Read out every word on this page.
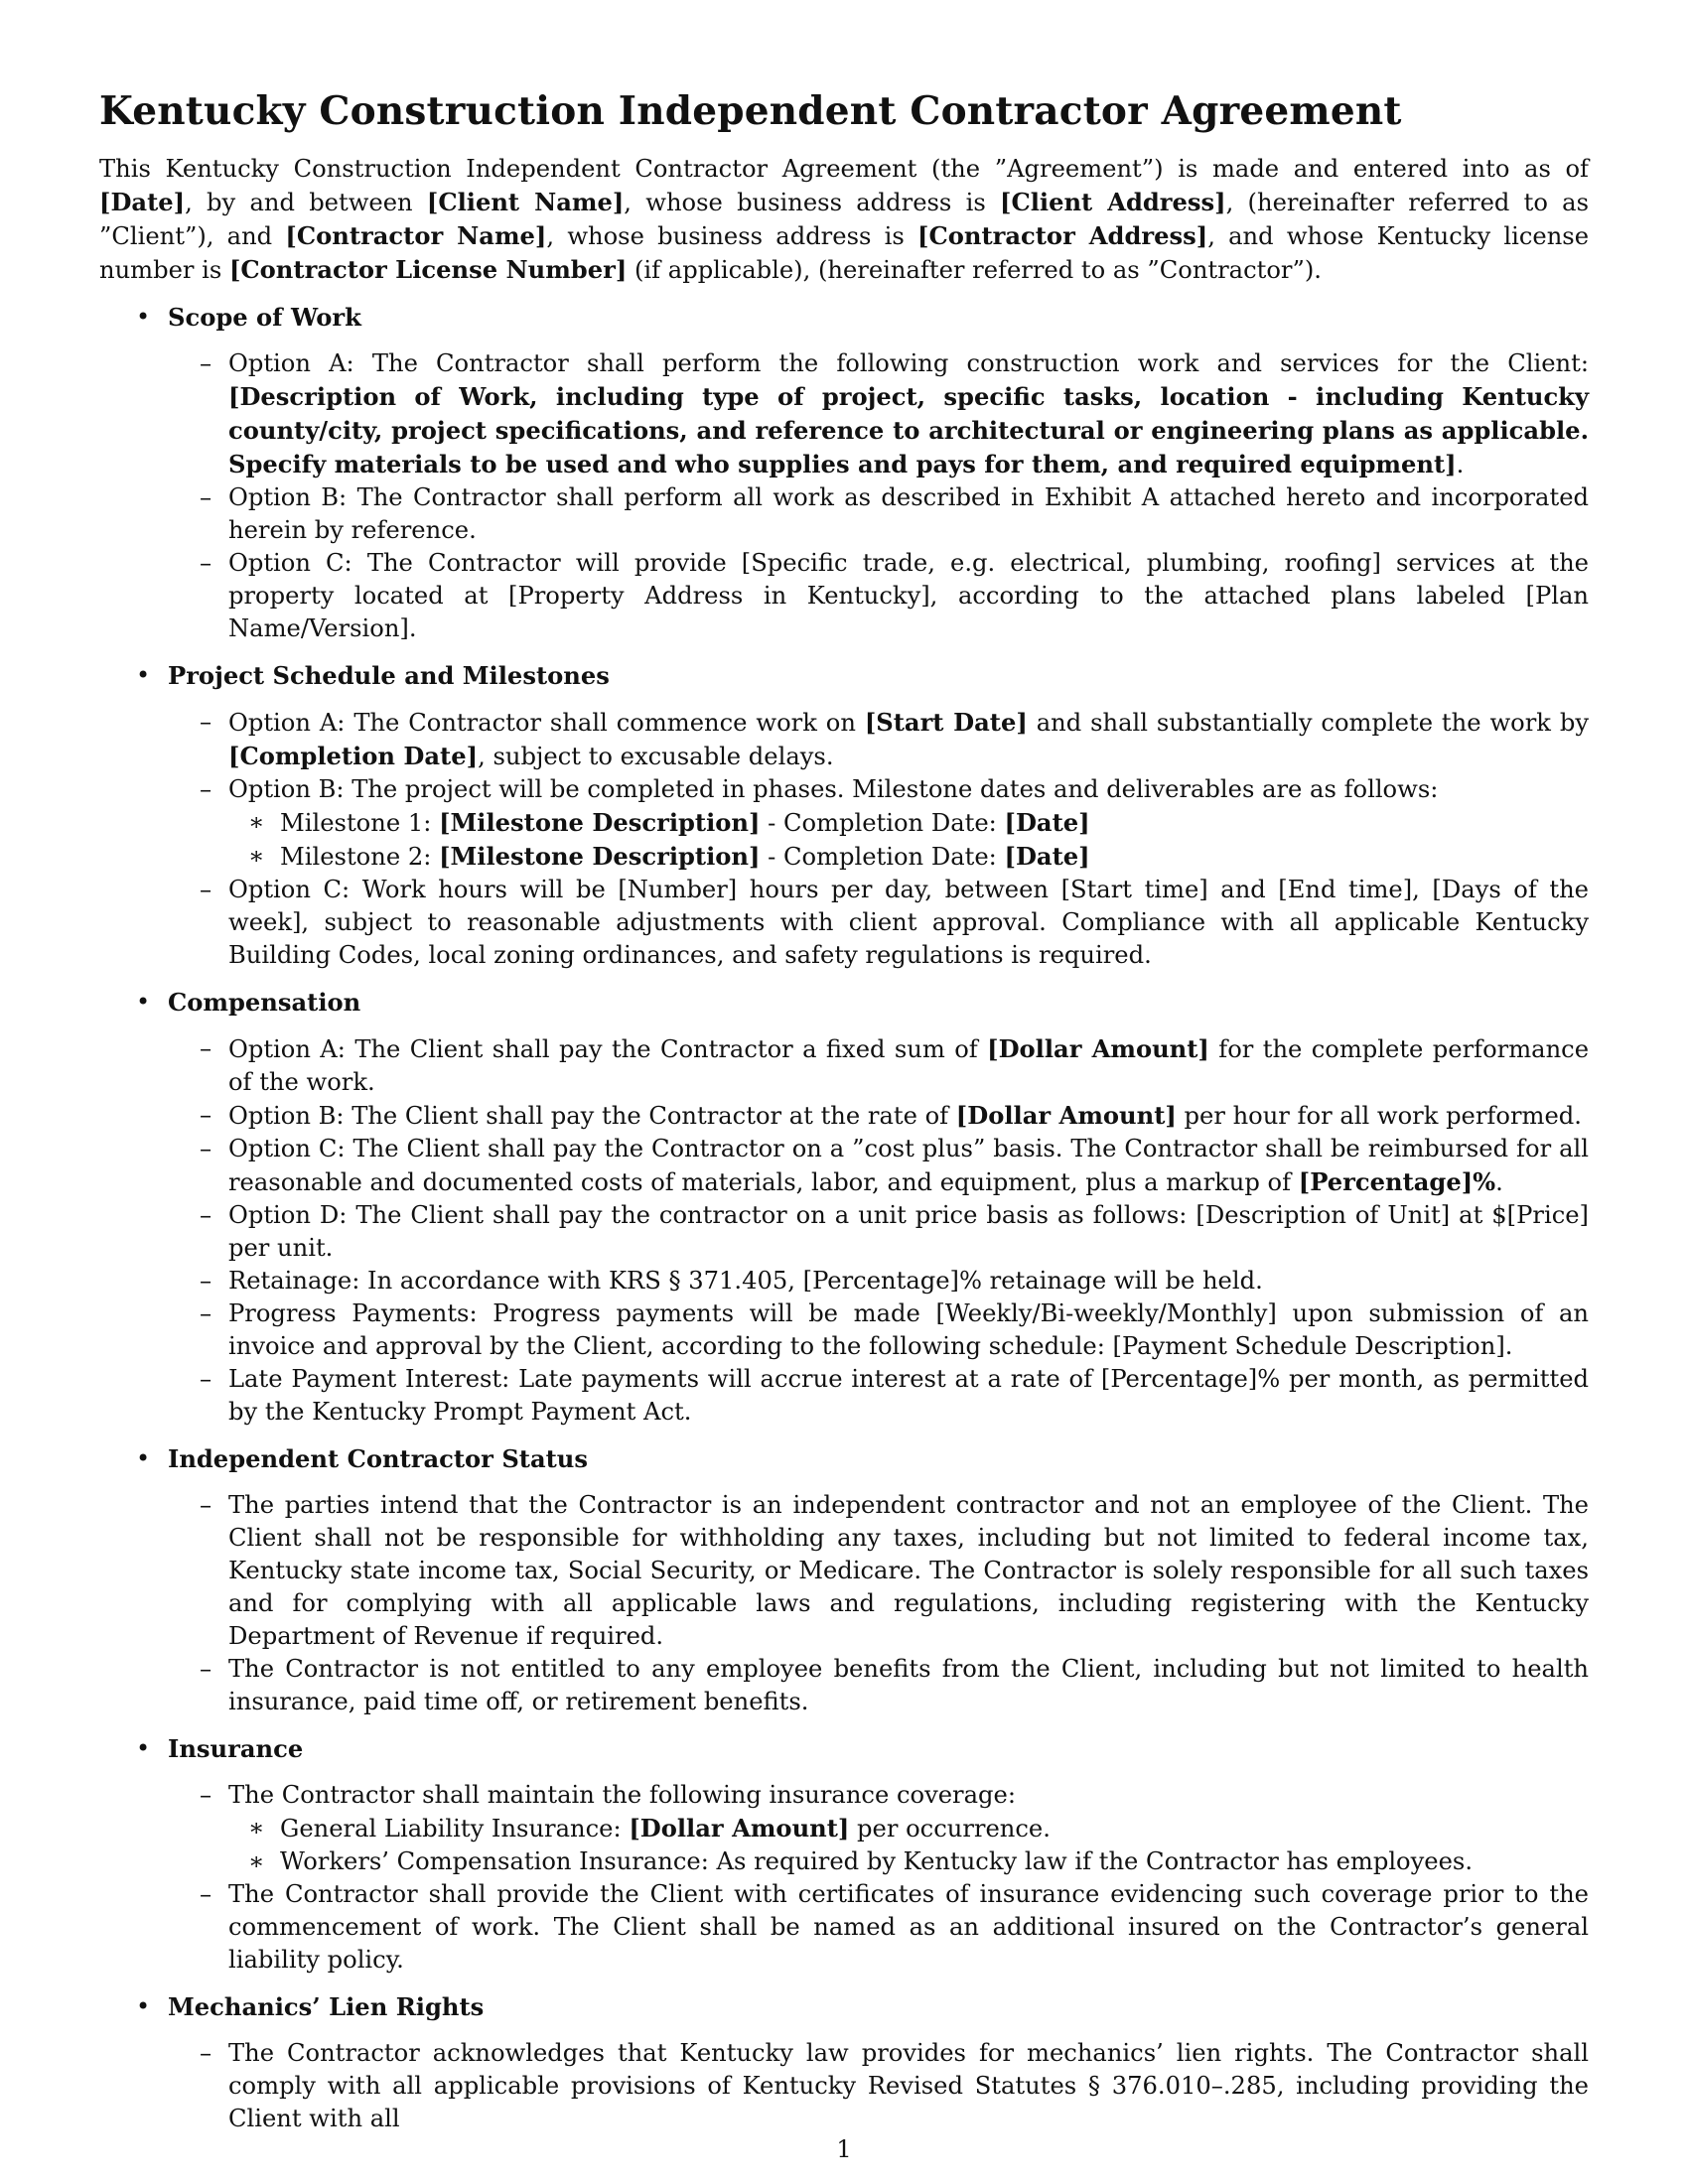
Kentucky Construction Independent Contractor Agreement

This Kentucky Construction Independent Contractor Agreement (the ”Agreement”) is made and entered into as of [Date], by and between [Client Name], whose business address is [Client Address], (hereinafter referred to as ”Client”), and [Contractor Name], whose business address is [Contractor Address], and whose Kentucky license number is [Contractor License Number] (if applicable), (hereinafter referred to as ”Contractor”).

• Scope of Work
– Option A: The Contractor shall perform the following construction work and services for the Client: [Description of Work, including type of project, specific tasks, location - including Kentucky county/city, project specifications, and reference to architectural or engineering plans as applicable. Specify materials to be used and who supplies and pays for them, and required equipment].
– Option B: The Contractor shall perform all work as described in Exhibit A attached hereto and incorporated herein by reference.
– Option C: The Contractor will provide [Specific trade, e.g. electrical, plumbing, roofing] services at the property located at [Property Address in Kentucky], according to the attached plans labeled [Plan Name/Version].
• Project Schedule and Milestones
– Option A: The Contractor shall commence work on [Start Date] and shall substantially complete the work by [Completion Date], subject to excusable delays.
– Option B: The project will be completed in phases. Milestone dates and deliverables are as follows:
∗ Milestone 1: [Milestone Description] - Completion Date: [Date]
∗ Milestone 2: [Milestone Description] - Completion Date: [Date]
– Option C: Work hours will be [Number] hours per day, between [Start time] and [End time], [Days of the week], subject to reasonable adjustments with client approval. Compliance with all applicable Kentucky Building Codes, local zoning ordinances, and safety regulations is required.
• Compensation
– Option A: The Client shall pay the Contractor a fixed sum of [Dollar Amount] for the complete performance of the work.
– Option B: The Client shall pay the Contractor at the rate of [Dollar Amount] per hour for all work performed.
– Option C: The Client shall pay the Contractor on a ”cost plus” basis. The Contractor shall be reimbursed for all reasonable and documented costs of materials, labor, and equipment, plus a markup of [Percentage]%.
– Option D: The Client shall pay the contractor on a unit price basis as follows: [Description of Unit] at $[Price] per unit.
– Retainage: In accordance with KRS § 371.405, [Percentage]% retainage will be held.
– Progress Payments: Progress payments will be made [Weekly/Bi-weekly/Monthly] upon submission of an invoice and approval by the Client, according to the following schedule: [Payment Schedule Description].
– Late Payment Interest: Late payments will accrue interest at a rate of [Percentage]% per month, as permitted by the Kentucky Prompt Payment Act.
• Independent Contractor Status
– The parties intend that the Contractor is an independent contractor and not an employee of the Client. The Client shall not be responsible for withholding any taxes, including but not limited to federal income tax, Kentucky state income tax, Social Security, or Medicare. The Contractor is solely responsible for all such taxes and for complying with all applicable laws and regulations, including registering with the Kentucky Department of Revenue if required.
– The Contractor is not entitled to any employee benefits from the Client, including but not limited to health insurance, paid time off, or retirement benefits.
• Insurance
– The Contractor shall maintain the following insurance coverage:
∗ General Liability Insurance: [Dollar Amount] per occurrence.
∗ Workers’ Compensation Insurance: As required by Kentucky law if the Contractor has employees.
– The Contractor shall provide the Client with certificates of insurance evidencing such coverage prior to the commencement of work. The Client shall be named as an additional insured on the Contractor’s general liability policy.
• Mechanics’ Lien Rights
– The Contractor acknowledges that Kentucky law provides for mechanics’ lien rights. The Contractor shall comply with all applicable provisions of Kentucky Revised Statutes § 376.010–.285, including providing the Client with all
1
